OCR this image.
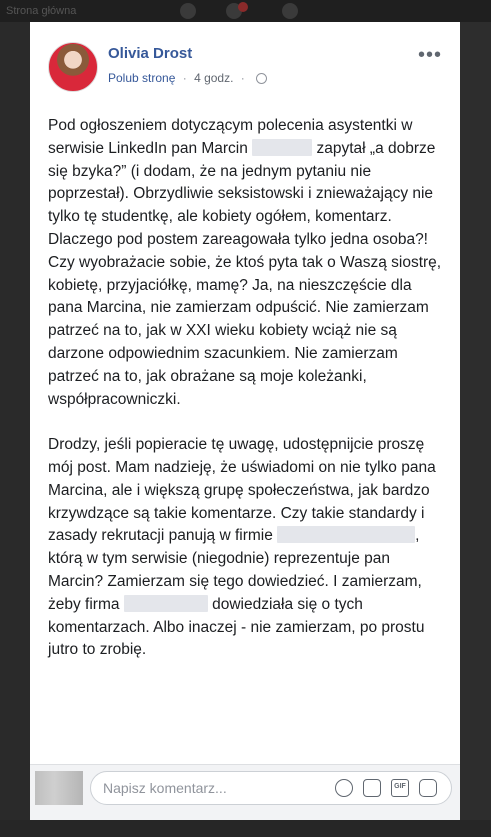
Strona główna
Olivia Drost
Polub stronę · 4 godz. ·
•••

Pod ogłoszeniem dotyczącym polecenia asystentki w serwisie LinkedIn pan Marcin	zapytał „a dobrze się bzyka?” (i dodam, że na jednym pytaniu nie poprzestał). Obrzydliwie seksistowski i znieważający nie tylko tę studentkę, ale kobiety ogółem, komentarz. Dlaczego pod postem zareagowała tylko jedna osoba?! Czy wyobrażacie sobie, że ktoś pyta tak o Waszą siostrę, kobietę, przyjaciółkę, mamę? Ja, na nieszczęście dla pana Marcina, nie zamierzam odpuścić. Nie zamierzam patrzeć na to, jak w XXI wieku kobiety wciąż nie są darzone odpowiednim szacunkiem. Nie zamierzam patrzeć na to, jak obrażane są moje koleżanki, współpracowniczki.

Drodzy, jeśli popieracie tę uwagę, udostępnijcie proszę mój post. Mam nadzieję, że uświadomi on nie tylko pana Marcina, ale i większą grupę społeczeństwa, jak bardzo krzywdzące są takie komentarze. Czy takie standardy i zasady rekrutacji panują w firmie	, którą w tym serwisie (niegodnie) reprezentuje pan Marcin? Zamierzam się tego dowiedzieć. I zamierzam, żeby firma	dowiedziała się o tych komentarzach. Albo inaczej - nie zamierzam, po prostu jutro to zrobię.

Napisz komentarz...	GIF
